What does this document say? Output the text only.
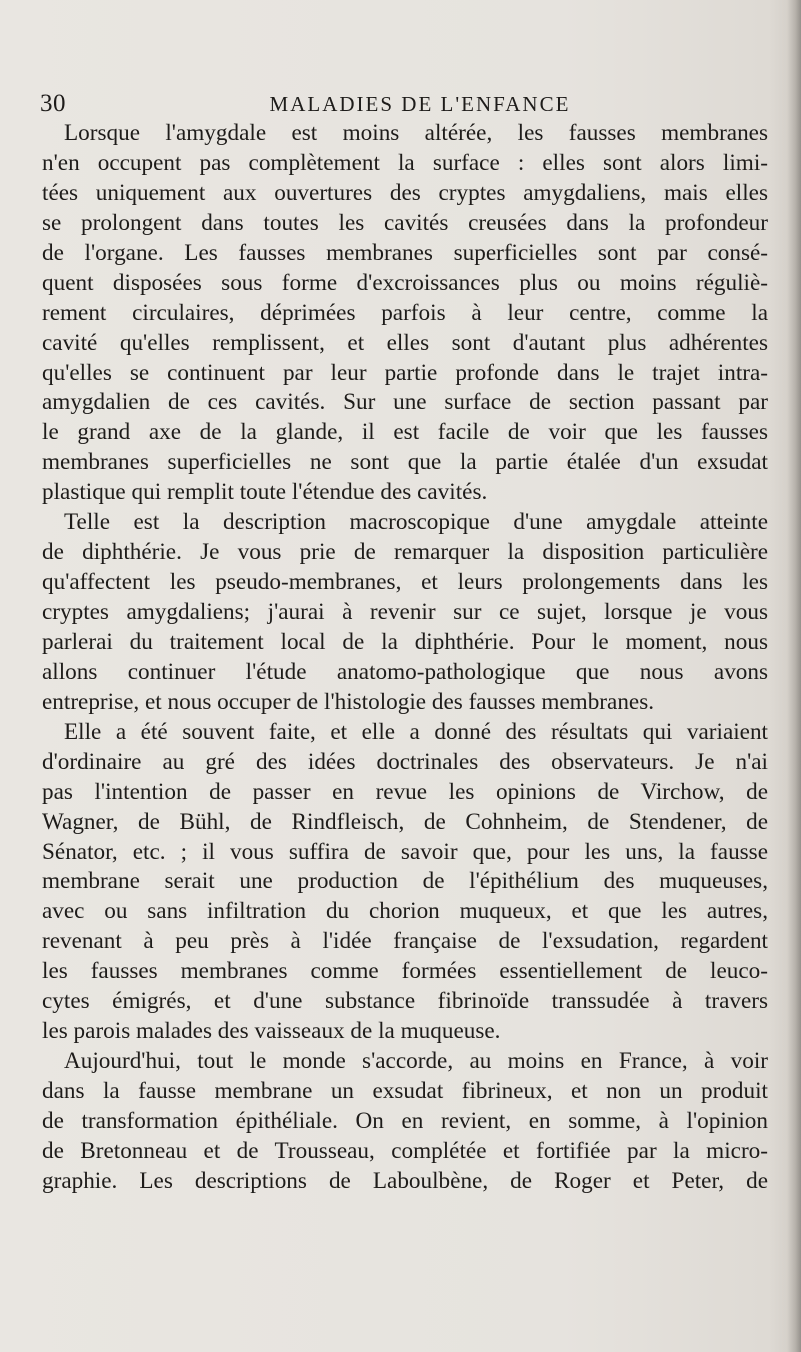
30	MALADIES DE L'ENFANCE
Lorsque l'amygdale est moins altérée, les fausses membranes
n'en occupent pas complètement la surface : elles sont alors limi-
tées uniquement aux ouvertures des cryptes amygdaliens, mais elles
se prolongent dans toutes les cavités creusées dans la profondeur
de l'organe. Les fausses membranes superficielles sont par consé-
quent disposées sous forme d'excroissances plus ou moins réguliè-
rement circulaires, déprimées parfois à leur centre, comme la
cavité qu'elles remplissent, et elles sont d'autant plus adhérentes
qu'elles se continuent par leur partie profonde dans le trajet intra-
amygdalien de ces cavités. Sur une surface de section passant par
le grand axe de la glande, il est facile de voir que les fausses
membranes superficielles ne sont que la partie étalée d'un exsudat
plastique qui remplit toute l'étendue des cavités.
Telle est la description macroscopique d'une amygdale atteinte
de diphthérie. Je vous prie de remarquer la disposition particulière
qu'affectent les pseudo-membranes, et leurs prolongements dans les
cryptes amygdaliens; j'aurai à revenir sur ce sujet, lorsque je vous
parlerai du traitement local de la diphthérie. Pour le moment, nous
allons continuer l'étude anatomo-pathologique que nous avons
entreprise, et nous occuper de l'histologie des fausses membranes.
Elle a été souvent faite, et elle a donné des résultats qui variaient
d'ordinaire au gré des idées doctrinales des observateurs. Je n'ai
pas l'intention de passer en revue les opinions de Virchow, de
Wagner, de Bühl, de Rindfleisch, de Cohnheim, de Stendener, de
Sénator, etc. ; il vous suffira de savoir que, pour les uns, la fausse
membrane serait une production de l'épithélium des muqueuses,
avec ou sans infiltration du chorion muqueux, et que les autres,
revenant à peu près à l'idée française de l'exsudation, regardent
les fausses membranes comme formées essentiellement de leuco-
cytes émigrés, et d'une substance fibrinoïde transsudée à travers
les parois malades des vaisseaux de la muqueuse.
Aujourd'hui, tout le monde s'accorde, au moins en France, à voir
dans la fausse membrane un exsudat fibrineux, et non un produit
de transformation épithéliale. On en revient, en somme, à l'opinion
de Bretonneau et de Trousseau, complétée et fortifiée par la micro-
graphie. Les descriptions de Laboulbène, de Roger et Peter, de
